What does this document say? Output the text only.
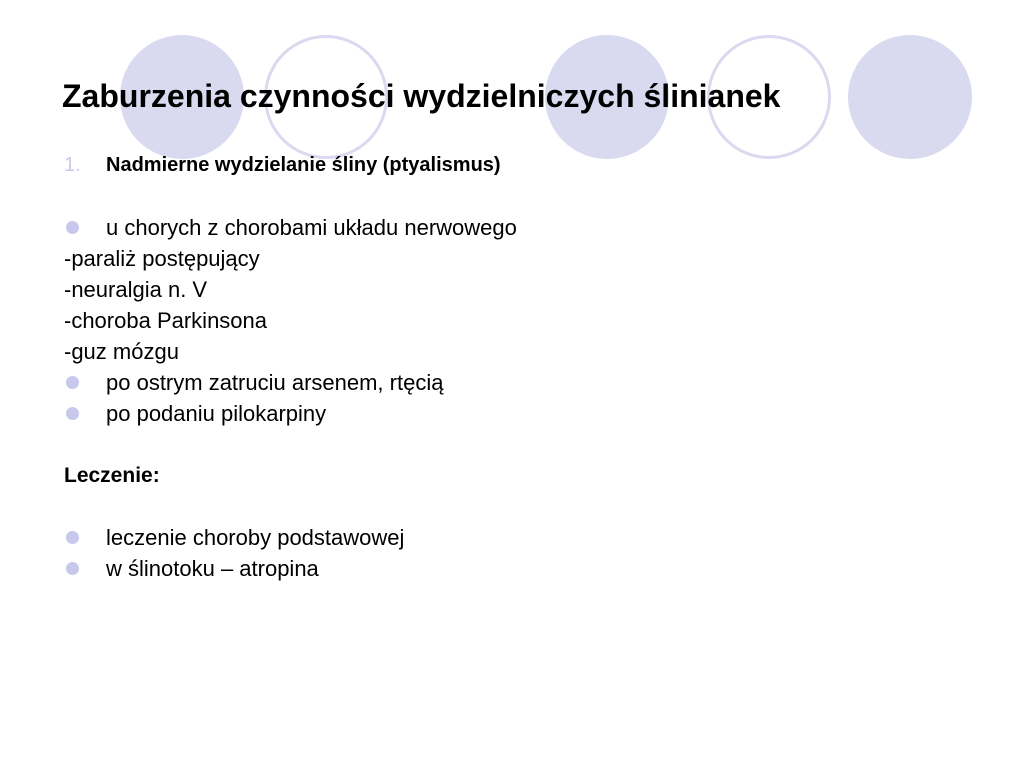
Zaburzenia czynności wydzielniczych ślinianek
1. Nadmierne wydzielanie śliny (ptyalismus)
u chorych z chorobami układu nerwowego
-paraliż postępujący
-neuralgia n. V
-choroba Parkinsona
-guz mózgu
po ostrym zatruciu arsenem, rtęcią
po podaniu pilokarpiny
Leczenie:
leczenie choroby podstawowej
w ślinotoku – atropina
